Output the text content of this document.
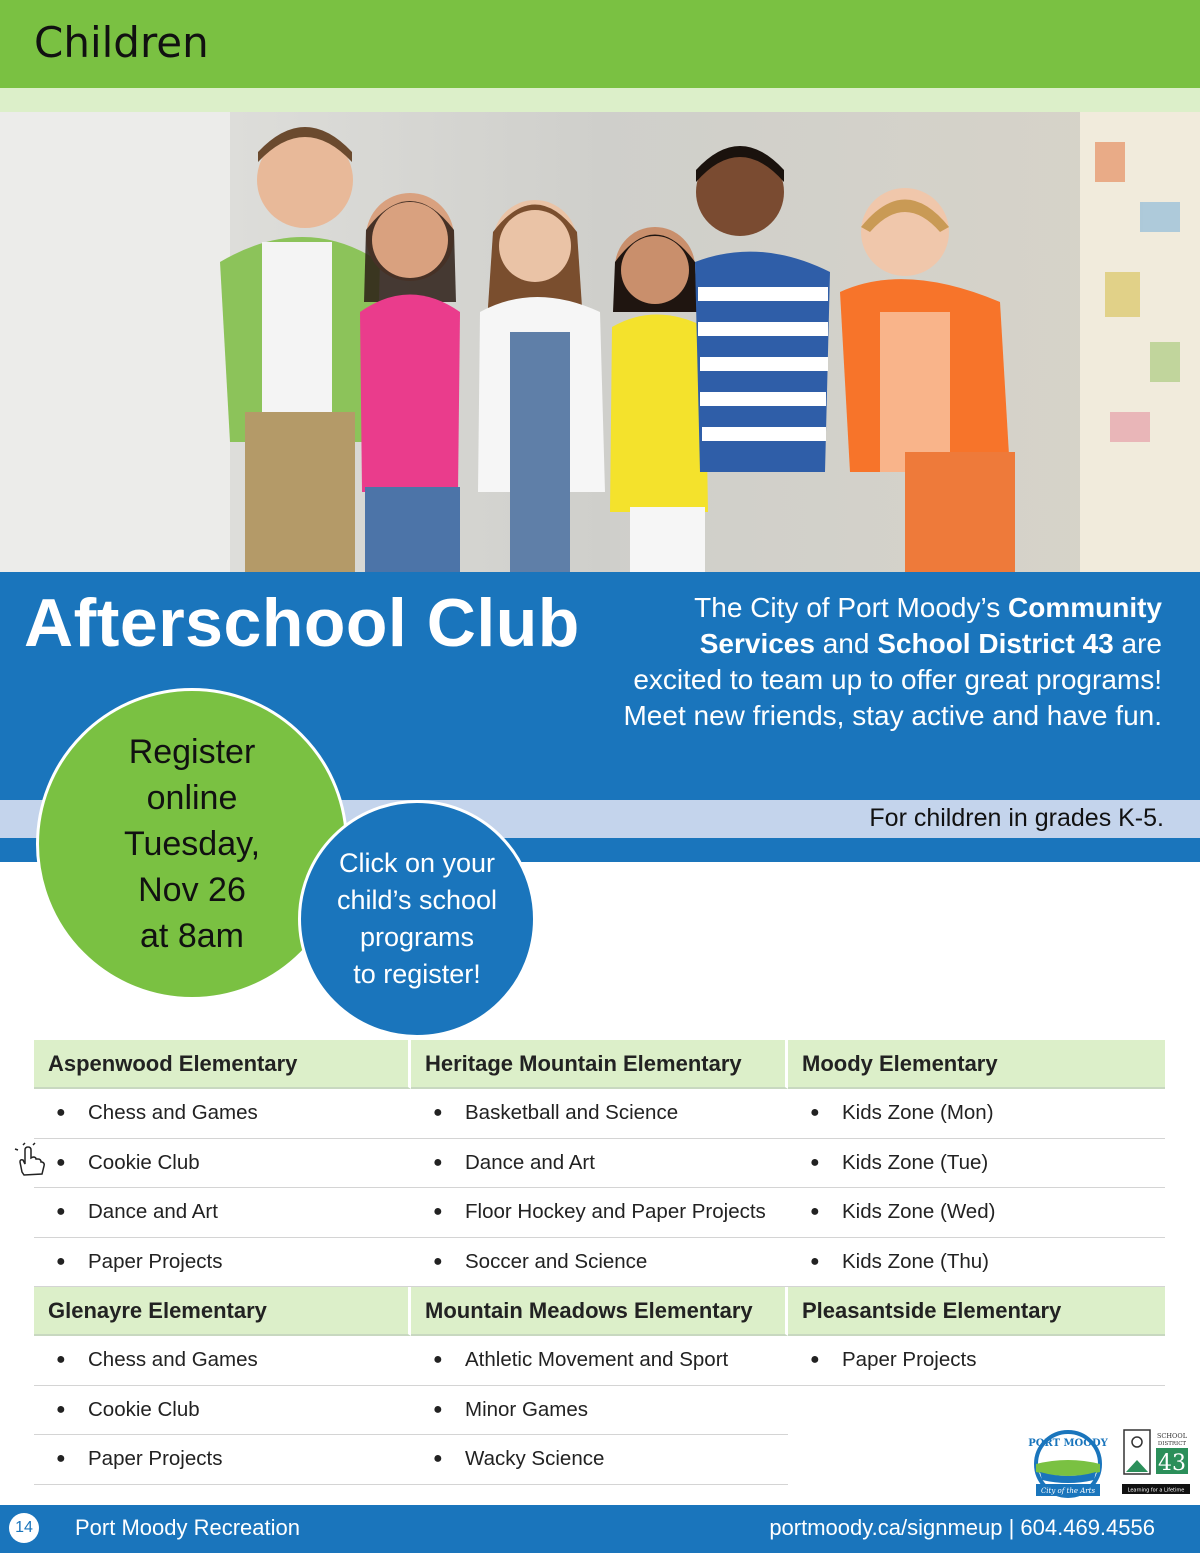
Children
For children in grades K-5.
Afterschool Club	The City of Port Moody’s Community Services and School District 43 are excited to team up to offer great programs! Meet new friends, stay active and have fun.
Register
online
Tuesday,
Nov 26
at 8am
Click on your
child’s school
programs
to register!
Aspenwood Elementary	Heritage Mountain Elementary	Moody Elementary
●	Chess and Games	●	Basketball and Science	●	Kids Zone (Mon)
●	Cookie Club	●	Dance and Art	●	Kids Zone (Tue)
●	Dance and Art	●	Floor Hockey and Paper Projects	●	Kids Zone (Wed)
●	Paper Projects	●	Soccer and Science	●	Kids Zone (Thu)
Glenayre Elementary	Mountain Meadows Elementary	Pleasantside Elementary
●	Chess and Games	●	Athletic Movement and Sport	●	Paper Projects
●	Cookie Club	●	Minor Games
●	Paper Projects	●	Wacky Science
PORT MOODY
City of the Arts
SCHOOL
DISTRICT
43
Learning for a Lifetime
14 Port Moody Recreation	portmoody.ca/signmeup | 604.469.4556
